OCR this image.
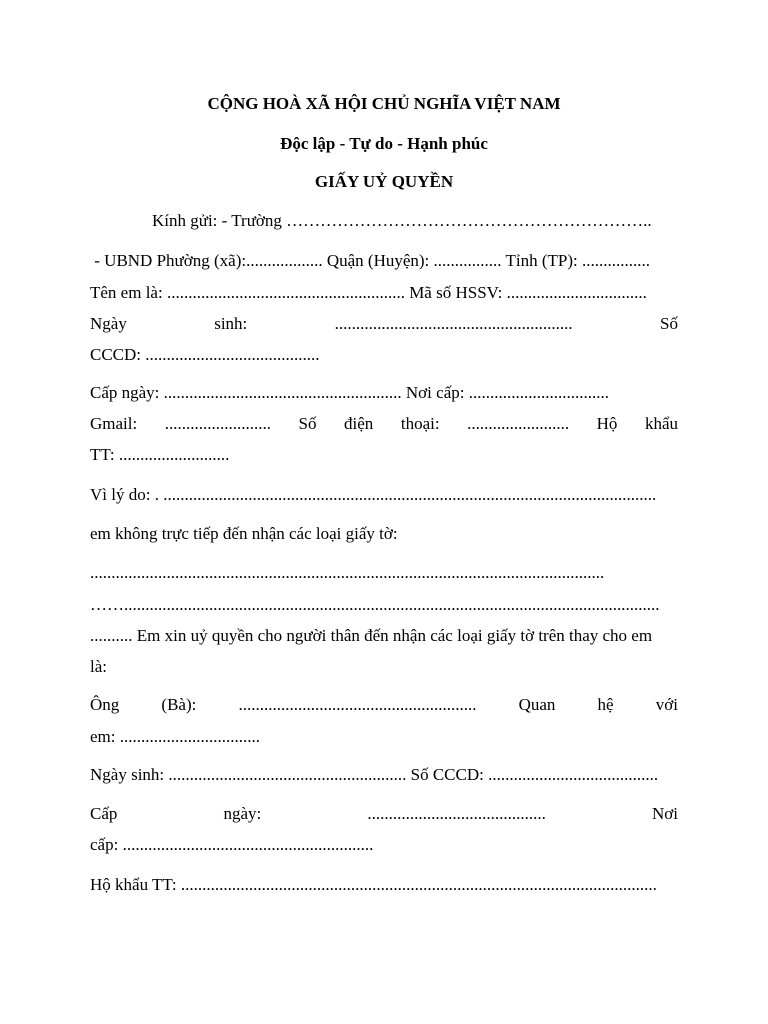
CỘNG HOÀ XÃ HỘI CHỦ NGHĨA VIỆT NAM
Độc lập - Tự do - Hạnh phúc
GIẤY UỶ QUYỀN
Kính gửi: - Trường ………………………………………………………..
- UBND Phường (xã):.................. Quận (Huyện): ................ Tỉnh (TP): ................
Tên em là: ........................................................ Mã số HSSV: .................................
Ngày	sinh:	........................................................	Số
CCCD: .........................................
Cấp ngày: ........................................................ Nơi cấp: .................................
Gmail: ......................... Số điện thoại: ........................ Hộ khẩu
TT: ..........................
Vì lý do: . ....................................................................................................................
em không trực tiếp đến nhận các loại giấy tờ:
.........................................................................................................................
……..............................................................................................................................
.......... Em xin uỷ quyền cho người thân đến nhận các loại giấy tờ trên thay cho em
là:
Ông (Bà): ........................................................ Quan hệ với
em: .................................
Ngày sinh: ........................................................ Số CCCD: ........................................
Cấp	ngày:	..........................................	Nơi
cấp: ...........................................................
Hộ khẩu TT: ................................................................................................................
